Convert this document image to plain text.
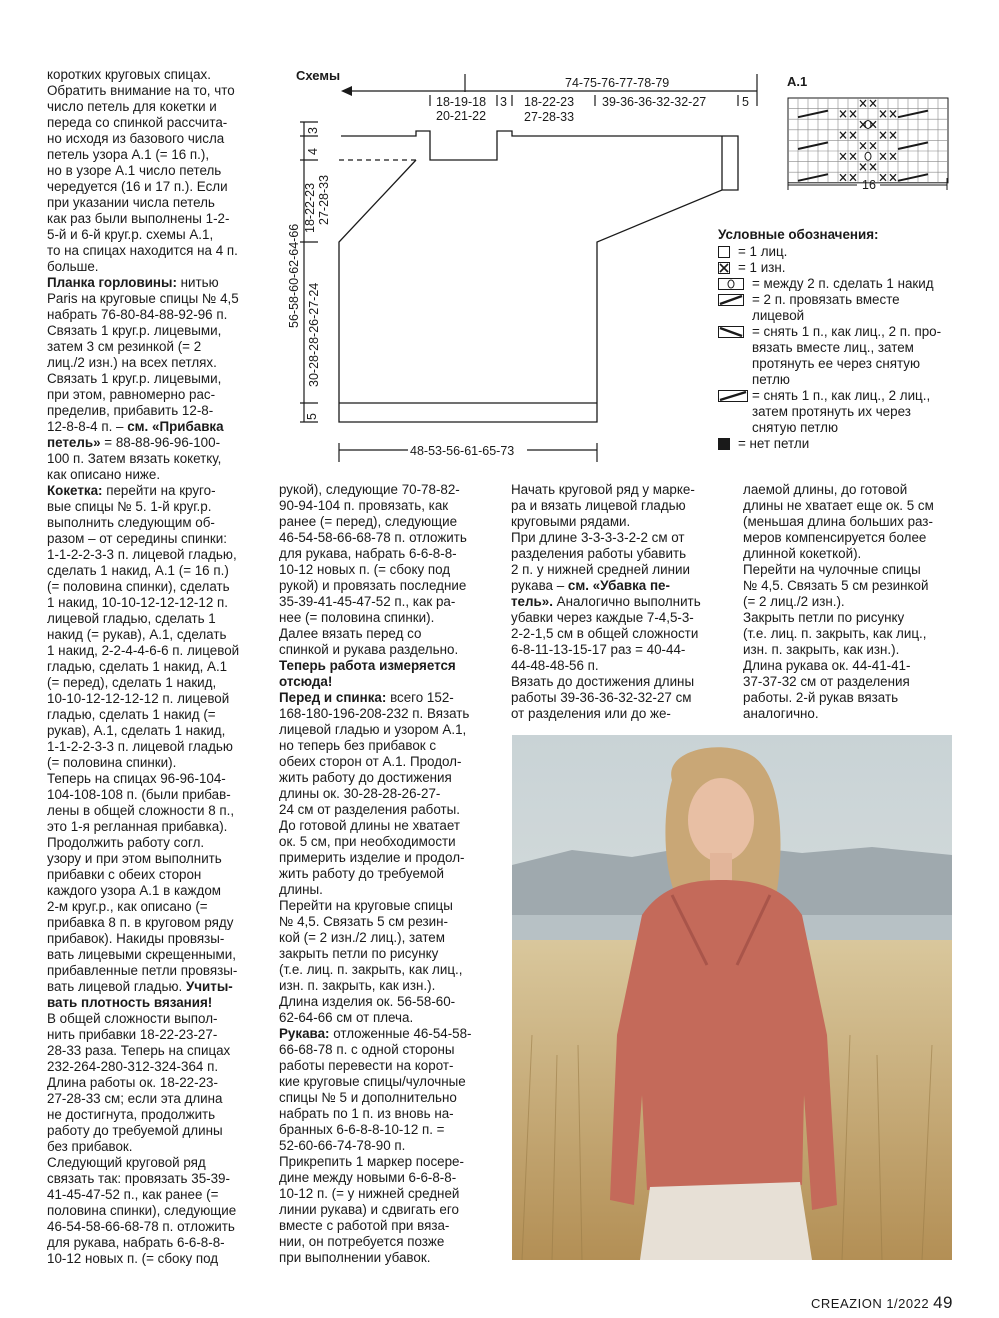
коротких круговых спицах.
Обратить внимание на то, что
число петель для кокетки и
переда со спинкой рассчита-
но исходя из базового числа
петель узора А.1 (= 16 п.),
но в узоре А.1 число петель
чередуется (16 и 17 п.). Если
при указании числа петель
как раз были выполнены 1-2-
5-й и 6-й круг.р. схемы А.1,
то на спицах находится на 4 п.
больше.

Планка горловины: нитью
Paris на круговые спицы № 4,5
набрать 76-80-84-88-92-96 п.
Связать 1 круг.р. лицевыми,
затем 3 см резинкой (= 2
лиц./2 изн.) на всех петлях.
Связать 1 круг.р. лицевыми,
при этом, равномерно рас-
пределив, прибавить 12-8-
12-8-8-4 п. – см. «Прибавка
петель» = 88-88-96-96-100-
100 п. Затем вязать кокетку,
как описано ниже.

Кокетка: перейти на круго-
вые спицы № 5. 1-й круг.р.
выполнить следующим об-
разом – от середины спинки:
1-1-2-2-3-3 п. лицевой гладью,
сделать 1 накид, А.1 (= 16 п.)
(= половина спинки), сделать
1 накид, 10-10-12-12-12-12 п.
лицевой гладью, сделать 1
накид (= рукав), А.1, сделать
1 накид, 2-2-4-4-6-6 п. лицевой
гладью, сделать 1 накид, А.1
(= перед), сделать 1 накид,
10-10-12-12-12-12 п. лицевой
гладью, сделать 1 накид (=
рукав), А.1, сделать 1 накид,
1-1-2-2-3-3 п. лицевой гладью
(= половина спинки).

Теперь на спицах 96-96-104-
104-108-108 п. (были прибав-
лены в общей сложности 8 п.,
это 1-я регланная прибавка).
Продолжить работу согл.
узору и при этом выполнить
прибавки с обеих сторон
каждого узора А.1 в каждом
2-м круг.р., как описано (=
прибавка 8 п. в круговом ряду
прибавок). Накиды провязы-
вать лицевыми скрещенными,
прибавленные петли провязы-
вать лицевой гладью. Учиты-
вать плотность вязания!
В общей сложности выпол-
нить прибавки 18-22-23-27-
28-33 раза. Теперь на спицах
232-264-280-312-324-364 п.
Длина работы ок. 18-22-23-
27-28-33 см; если эта длина
не достигнута, продолжить
работу до требуемой длины
без прибавок.

Следующий круговой ряд
связать так: провязать 35-39-
41-45-47-52 п., как ранее (=
половина спинки), следующие
46-54-58-66-68-78 п. отложить
для рукава, набрать 6-6-8-8-
10-12 новых п. (= сбоку под

рукой), следующие 70-78-82-
90-94-104 п. провязать, как
ранее (= перед), следующие
46-54-58-66-68-78 п. отложить
для рукава, набрать 6-6-8-8-
10-12 новых п. (= сбоку под
рукой) и провязать последние
35-39-41-45-47-52 п., как ра-
нее (= половина спинки).
Далее вязать перед со
спинкой и рукава раздельно.

Теперь работа измеряется
отсюда!

Перед и спинка: всего 152-
168-180-196-208-232 п. Вязать
лицевой гладью и узором А.1,
но теперь без прибавок с
обеих сторон от А.1. Продол-
жить работу до достижения
длины ок. 30-28-28-26-27-
24 см от разделения работы.
До готовой длины не хватает
ок. 5 см, при необходимости
примерить изделие и продол-
жить работу до требуемой
длины.

Перейти на круговые спицы
№ 4,5. Связать 5 см резин-
кой (= 2 изн./2 лиц.), затем
закрыть петли по рисунку
(т.е. лиц. п. закрыть, как лиц.,
изн. п. закрыть, как изн.).
Длина изделия ок. 56-58-60-
62-64-66 см от плеча.

Рукава: отложенные 46-54-58-
66-68-78 п. с одной стороны
работы перевести на корот-
кие круговые спицы/чулочные
спицы № 5 и дополнительно
набрать по 1 п. из вновь на-
бранных 6-6-8-8-10-12 п. =
52-60-66-74-78-90 п.
Прикрепить 1 маркер посере-
дине между новыми 6-6-8-8-
10-12 п. (= у нижней средней
линии рукава) и сдвигать его
вместе с работой при вязa-
нии, он потребуется позже
при выполнении убавок.

Начать круговой ряд у марке-
ра и вязать лицевой гладью
круговыми рядами.
При длине 3-3-3-3-2-2 см от
разделения работы убавить
2 п. у нижней средней линии
рукава – см. «Убавка пе-
тель». Аналогично выполнить
убавки через каждые 7-4,5-3-
2-2-1,5 см в общей сложности
6-8-11-13-15-17 раз = 40-44-
44-48-48-56 п.
Вязать до достижения длины
работы 39-36-36-32-32-27 см
от разделения или до же-

лаемой длины, до готовой
длины не хватает еще ок. 5 см
(меньшая длина больших раз-
меров компенсируется более
длинной кокеткой).
Перейти на чулочные спицы
№ 4,5. Связать 5 см резинкой
(= 2 лиц./2 изн.).
Закрыть петли по рисунку
(т.е. лиц. п. закрыть, как лиц.,
изн. п. закрыть, как изн.).
Длина рукава ок. 44-41-41-
37-37-32 см от разделения
работы. 2-й рукав вязать
аналогично.

Схемы	74-75-76-77-78-79
18-19-18
20-21-22
3 18-22-23
27-28-33
39-36-36-32-32-27	5
3
4
18-22-23 27-28-33
56-58-60-62-64-66
30-28-28-26-27-24
5
48-53-56-61-65-73
А.1
16
Условные обозначения:
= 1 лиц.
= 1 изн.
= между 2 п. сделать 1 накид
= 2 п. провязать вместе
лицевой
= снять 1 п., как лиц., 2 п. про-
вязать вместе лиц., затем
протянуть ее через снятую
петлю
= снять 1 п., как лиц., 2 лиц.,
затем протянуть их через
снятую петлю
= нет петли
CREAZION 1/2022 49
